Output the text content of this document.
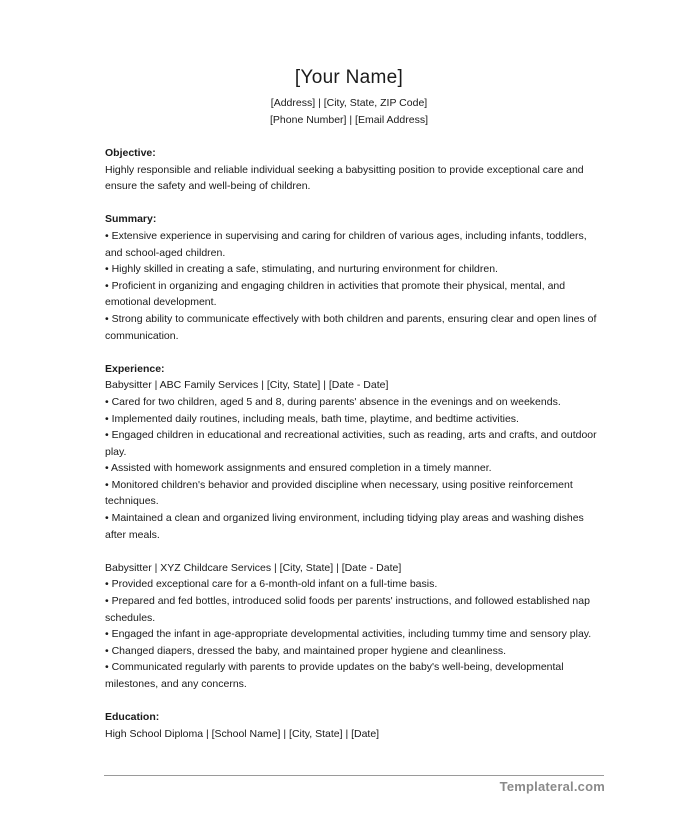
[Your Name]

[Address] | [City, State, ZIP Code]

[Phone Number] | [Email Address]

Objective:

Highly responsible and reliable individual seeking a babysitting position to provide exceptional care and ensure the safety and well-being of children.

Summary:

• Extensive experience in supervising and caring for children of various ages, including infants, toddlers, and school-aged children.

• Highly skilled in creating a safe, stimulating, and nurturing environment for children.

• Proficient in organizing and engaging children in activities that promote their physical, mental, and emotional development.

• Strong ability to communicate effectively with both children and parents, ensuring clear and open lines of communication.

Experience:

Babysitter | ABC Family Services | [City, State] | [Date - Date]

• Cared for two children, aged 5 and 8, during parents' absence in the evenings and on weekends.

• Implemented daily routines, including meals, bath time, playtime, and bedtime activities.

• Engaged children in educational and recreational activities, such as reading, arts and crafts, and outdoor play.

• Assisted with homework assignments and ensured completion in a timely manner.

• Monitored children's behavior and provided discipline when necessary, using positive reinforcement techniques.

• Maintained a clean and organized living environment, including tidying play areas and washing dishes after meals.

Babysitter | XYZ Childcare Services | [City, State] | [Date - Date]

• Provided exceptional care for a 6-month-old infant on a full-time basis.

• Prepared and fed bottles, introduced solid foods per parents' instructions, and followed established nap schedules.

• Engaged the infant in age-appropriate developmental activities, including tummy time and sensory play.

• Changed diapers, dressed the baby, and maintained proper hygiene and cleanliness.

• Communicated regularly with parents to provide updates on the baby's well-being, developmental milestones, and any concerns.

Education:

High School Diploma | [School Name] | [City, State] | [Date]

Templateral.com
